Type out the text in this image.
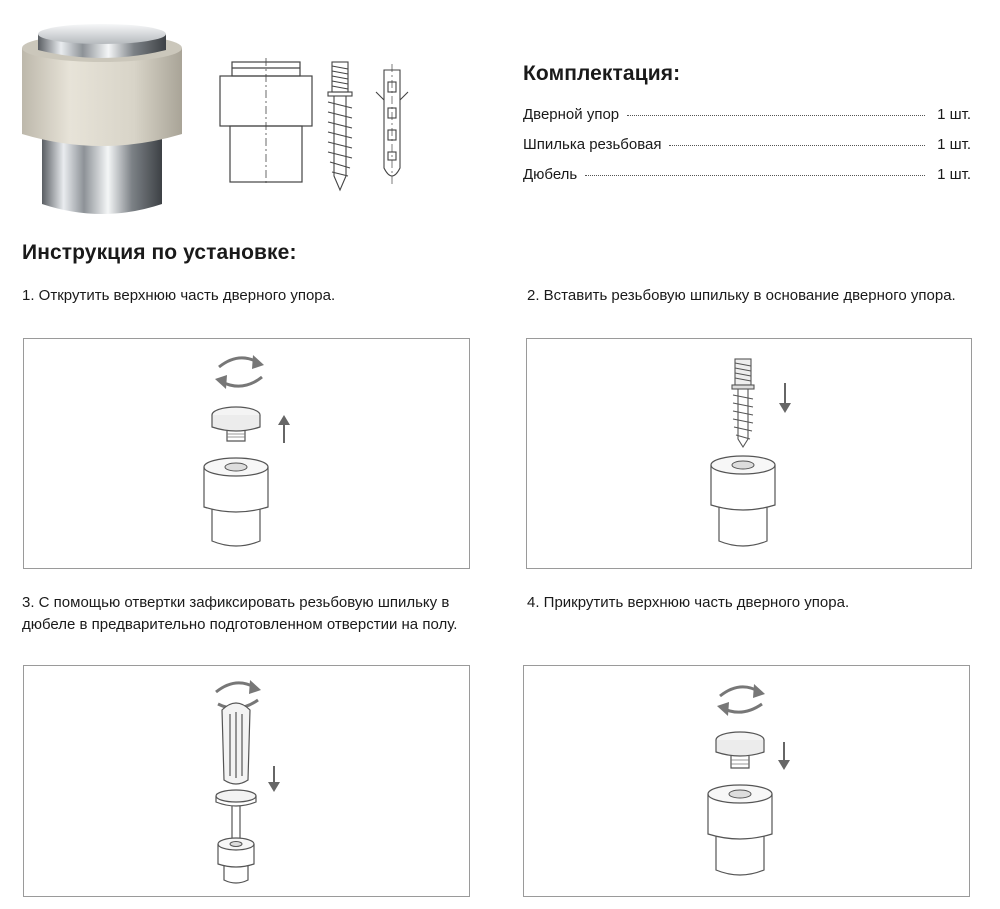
Комплектация:
Дверной упор	1 шт.
Шпилька резьбовая	1 шт.
Дюбель	1 шт.
Инструкция по установке:
1. Открутить верхнюю часть дверного упора.	2. Вставить резьбовую шпильку в основание дверного упора.
3. С помощью отвертки зафиксировать резьбовую шпильку в дюбеле в предварительно подготовленном отверстии на полу.
4. Прикрутить верхнюю часть дверного упора.
